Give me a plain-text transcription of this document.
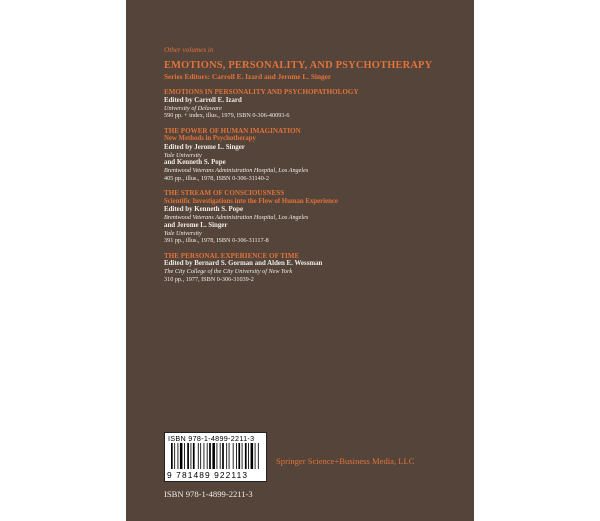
Other volumes in
EMOTIONS, PERSONALITY, AND PSYCHOTHERAPY
Series Editors: Carroll E. Izard and Jerome L. Singer
EMOTIONS IN PERSONALITY AND PSYCHOPATHOLOGY
Edited by Carroll E. Izard
University of Delaware
590 pp. + index, illus., 1979, ISBN 0-306-40093-6
THE POWER OF HUMAN IMAGINATION
New Methods in Psychotherapy
Edited by Jerome L. Singer
Yale University
and Kenneth S. Pope
Brentwood Veterans Administration Hospital, Los Angeles
405 pp., illus., 1978, ISBN 0-306-31140-2
THE STREAM OF CONSCIOUSNESS
Scientific Investigations into the Flow of Human Experience
Edited by Kenneth S. Pope
Brentwood Veterans Administration Hospital, Los Angeles
and Jerome L. Singer
Yale University
391 pp., illus., 1978, ISBN 0-306-31117-8
THE PERSONAL EXPERIENCE OF TIME
Edited by Bernard S. Gorman and Alden E. Wessman
The City College of the City University of New York
310 pp., 1977, ISBN 0-306-31039-2
ISBN 978-1-4899-2211-3
9 781489 922113
Springer Science+Business Media, LLC
ISBN 978-1-4899-2211-3
